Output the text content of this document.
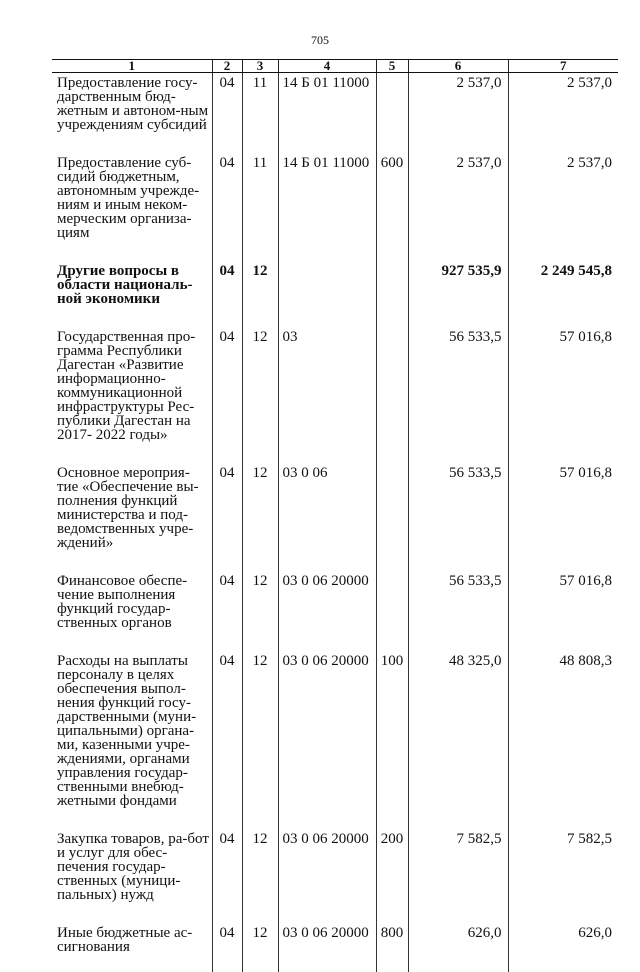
705
1	2	3	4	5	6	7
Предоставление госу-дарственным бюд-жетным и автоном-ным учреждениям субсидий	04	11	14 Б 01 11000		2 537,0	2 537,0
Предоставление суб-сидий бюджетным, автономным учрежде-ниям и иным неком-мерческим организа-циям	04	11	14 Б 01 11000	600	2 537,0	2 537,0
Другие вопросы в области националь-ной экономики	04	12			927 535,9	2 249 545,8
Государственная про-грамма Республики Дагестан «Развитие информационно-коммуникационной инфраструктуры Рес-публики Дагестан на 2017- 2022 годы»	04	12	03		56 533,5	57 016,8
Основное мероприя-тие «Обеспечение вы-полнения функций министерства и под-ведомственных учре-ждений»	04	12	03 0 06		56 533,5	57 016,8
Финансовое обеспе-чение выполнения функций государ-ственных органов	04	12	03 0 06 20000		56 533,5	57 016,8
Расходы на выплаты персоналу в целях обеспечения выпол-нения функций госу-дарственными (муни-ципальными) органа-ми, казенными учре-ждениями, органами управления государ-ственными внебюд-жетными фондами	04	12	03 0 06 20000	100	48 325,0	48 808,3
Закупка товаров, ра-бот и услуг для обес-печения государ-ственных (муници-пальных) нужд	04	12	03 0 06 20000	200	7 582,5	7 582,5
Иные бюджетные ас-сигнования	04	12	03 0 06 20000	800	626,0	626,0
